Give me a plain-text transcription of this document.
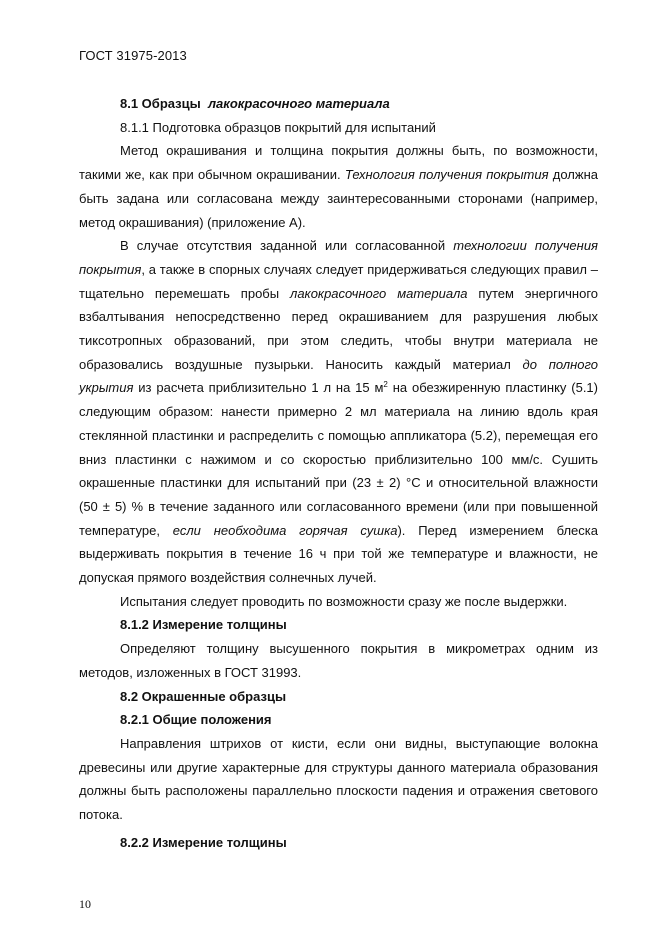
ГОСТ 31975-2013

8.1 Образцы лакокрасочного материала

8.1.1 Подготовка образцов покрытий для испытаний

Метод окрашивания и толщина покрытия должны быть, по возможности, такими же, как при обычном окрашивании. Технология получения покрытия должна быть задана или согласована между заинтересованными сторонами (например, метод окрашивания) (приложение А).

В случае отсутствия заданной или согласованной технологии получения покрытия, а также в спорных случаях следует придерживаться следующих правил – тщательно перемешать пробы лакокрасочного материала путем энергичного взбалтывания непосредственно перед окрашиванием для разрушения любых тиксотропных образований, при этом следить, чтобы внутри материала не образовались воздушные пузырьки. Наносить каждый материал до полного укрытия из расчета приблизительно 1 л на 15 $м^2$ на обезжиренную пластинку (5.1) следующим образом: нанести примерно 2 мл материала на линию вдоль края стеклянной пластинки и распределить с помощью аппликатора (5.2), перемещая его вниз пластинки с нажимом и со скоростью приблизительно 100 мм/с. Сушить окрашенные пластинки для испытаний при (23 ± 2) °С и относительной влажности (50 ± 5) % в течение заданного или согласованного времени (или при повышенной температуре, если необходима горячая сушка). Перед измерением блеска выдерживать покрытия в течение 16 ч при той же температуре и влажности, не допуская прямого воздействия солнечных лучей.

Испытания следует проводить по возможности сразу же после выдержки.

8.1.2 Измерение толщины

Определяют толщину высушенного покрытия в микрометрах одним из методов, изложенных в ГОСТ 31993.

8.2 Окрашенные образцы

8.2.1 Общие положения

Направления штрихов от кисти, если они видны, выступающие волокна древесины или другие характерные для структуры данного материала образования должны быть расположены параллельно плоскости падения и отражения светового потока.

8.2.2 Измерение толщины

10
